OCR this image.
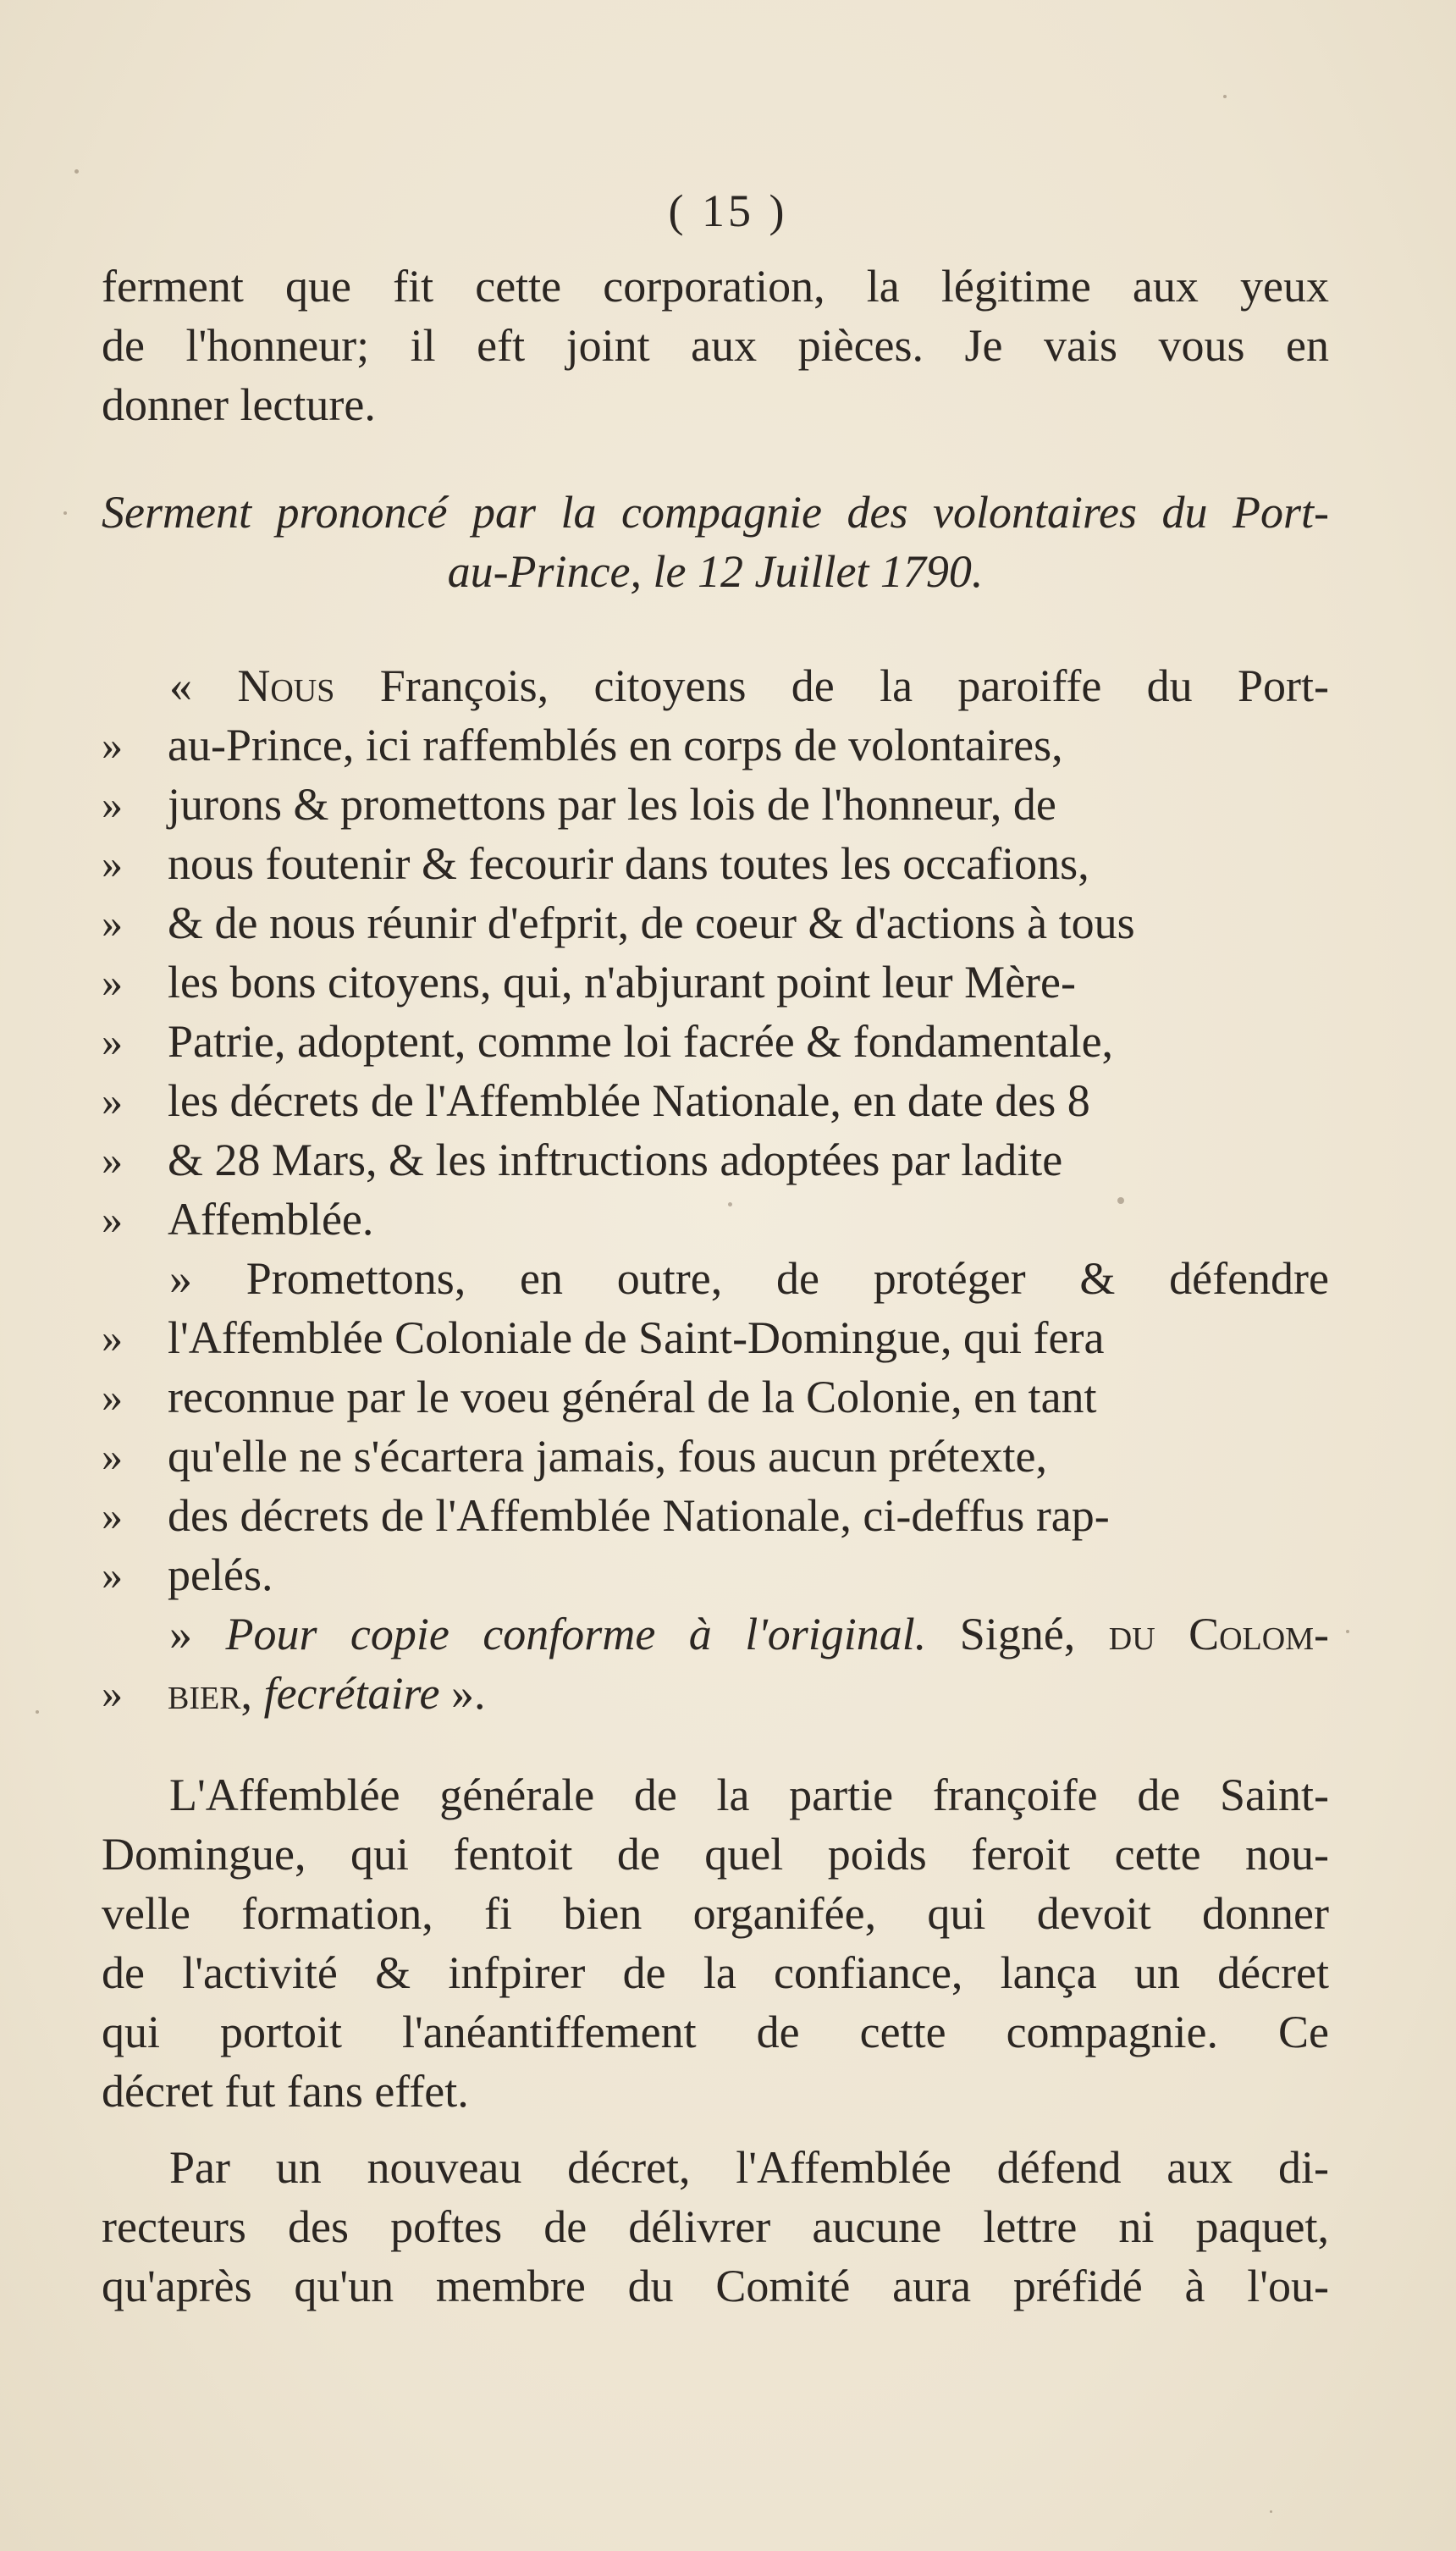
( 15 )
ferment que fit cette corporation, la légitime aux yeux
de l'honneur; il eft joint aux pièces. Je vais vous en
donner lecture.
Serment prononcé par la compagnie des volontaires du Port-
au-Prince, le 12 Juillet 1790.
« Nous François, citoyens de la paroiffe du Port-
» au-Prince, ici raffemblés en corps de volontaires,
» jurons & promettons par les lois de l'honneur, de
» nous foutenir & fecourir dans toutes les occafions,
» & de nous réunir d'efprit, de coeur & d'actions à tous
» les bons citoyens, qui, n'abjurant point leur Mère-
» Patrie, adoptent, comme loi facrée & fondamentale,
» les décrets de l'Affemblée Nationale, en date des 8
» & 28 Mars, & les inftructions adoptées par ladite
» Affemblée.
» Promettons, en outre, de protéger & défendre
» l'Affemblée Coloniale de Saint-Domingue, qui fera
» reconnue par le voeu général de la Colonie, en tant
» qu'elle ne s'écartera jamais, fous aucun prétexte,
» des décrets de l'Affemblée Nationale, ci-deffus rap-
» pelés.
» Pour copie conforme à l'original. Signé, du Colom-
» bier, fecrétaire ».
L'Affemblée générale de la partie françoife de Saint-
Domingue, qui fentoit de quel poids feroit cette nou-
velle formation, fi bien organifée, qui devoit donner
de l'activité & infpirer de la confiance, lança un décret
qui portoit l'anéantiffement de cette compagnie. Ce
décret fut fans effet.
Par un nouveau décret, l'Affemblée défend aux di-
recteurs des poftes de délivrer aucune lettre ni paquet,
qu'après qu'un membre du Comité aura préfidé à l'ou-
